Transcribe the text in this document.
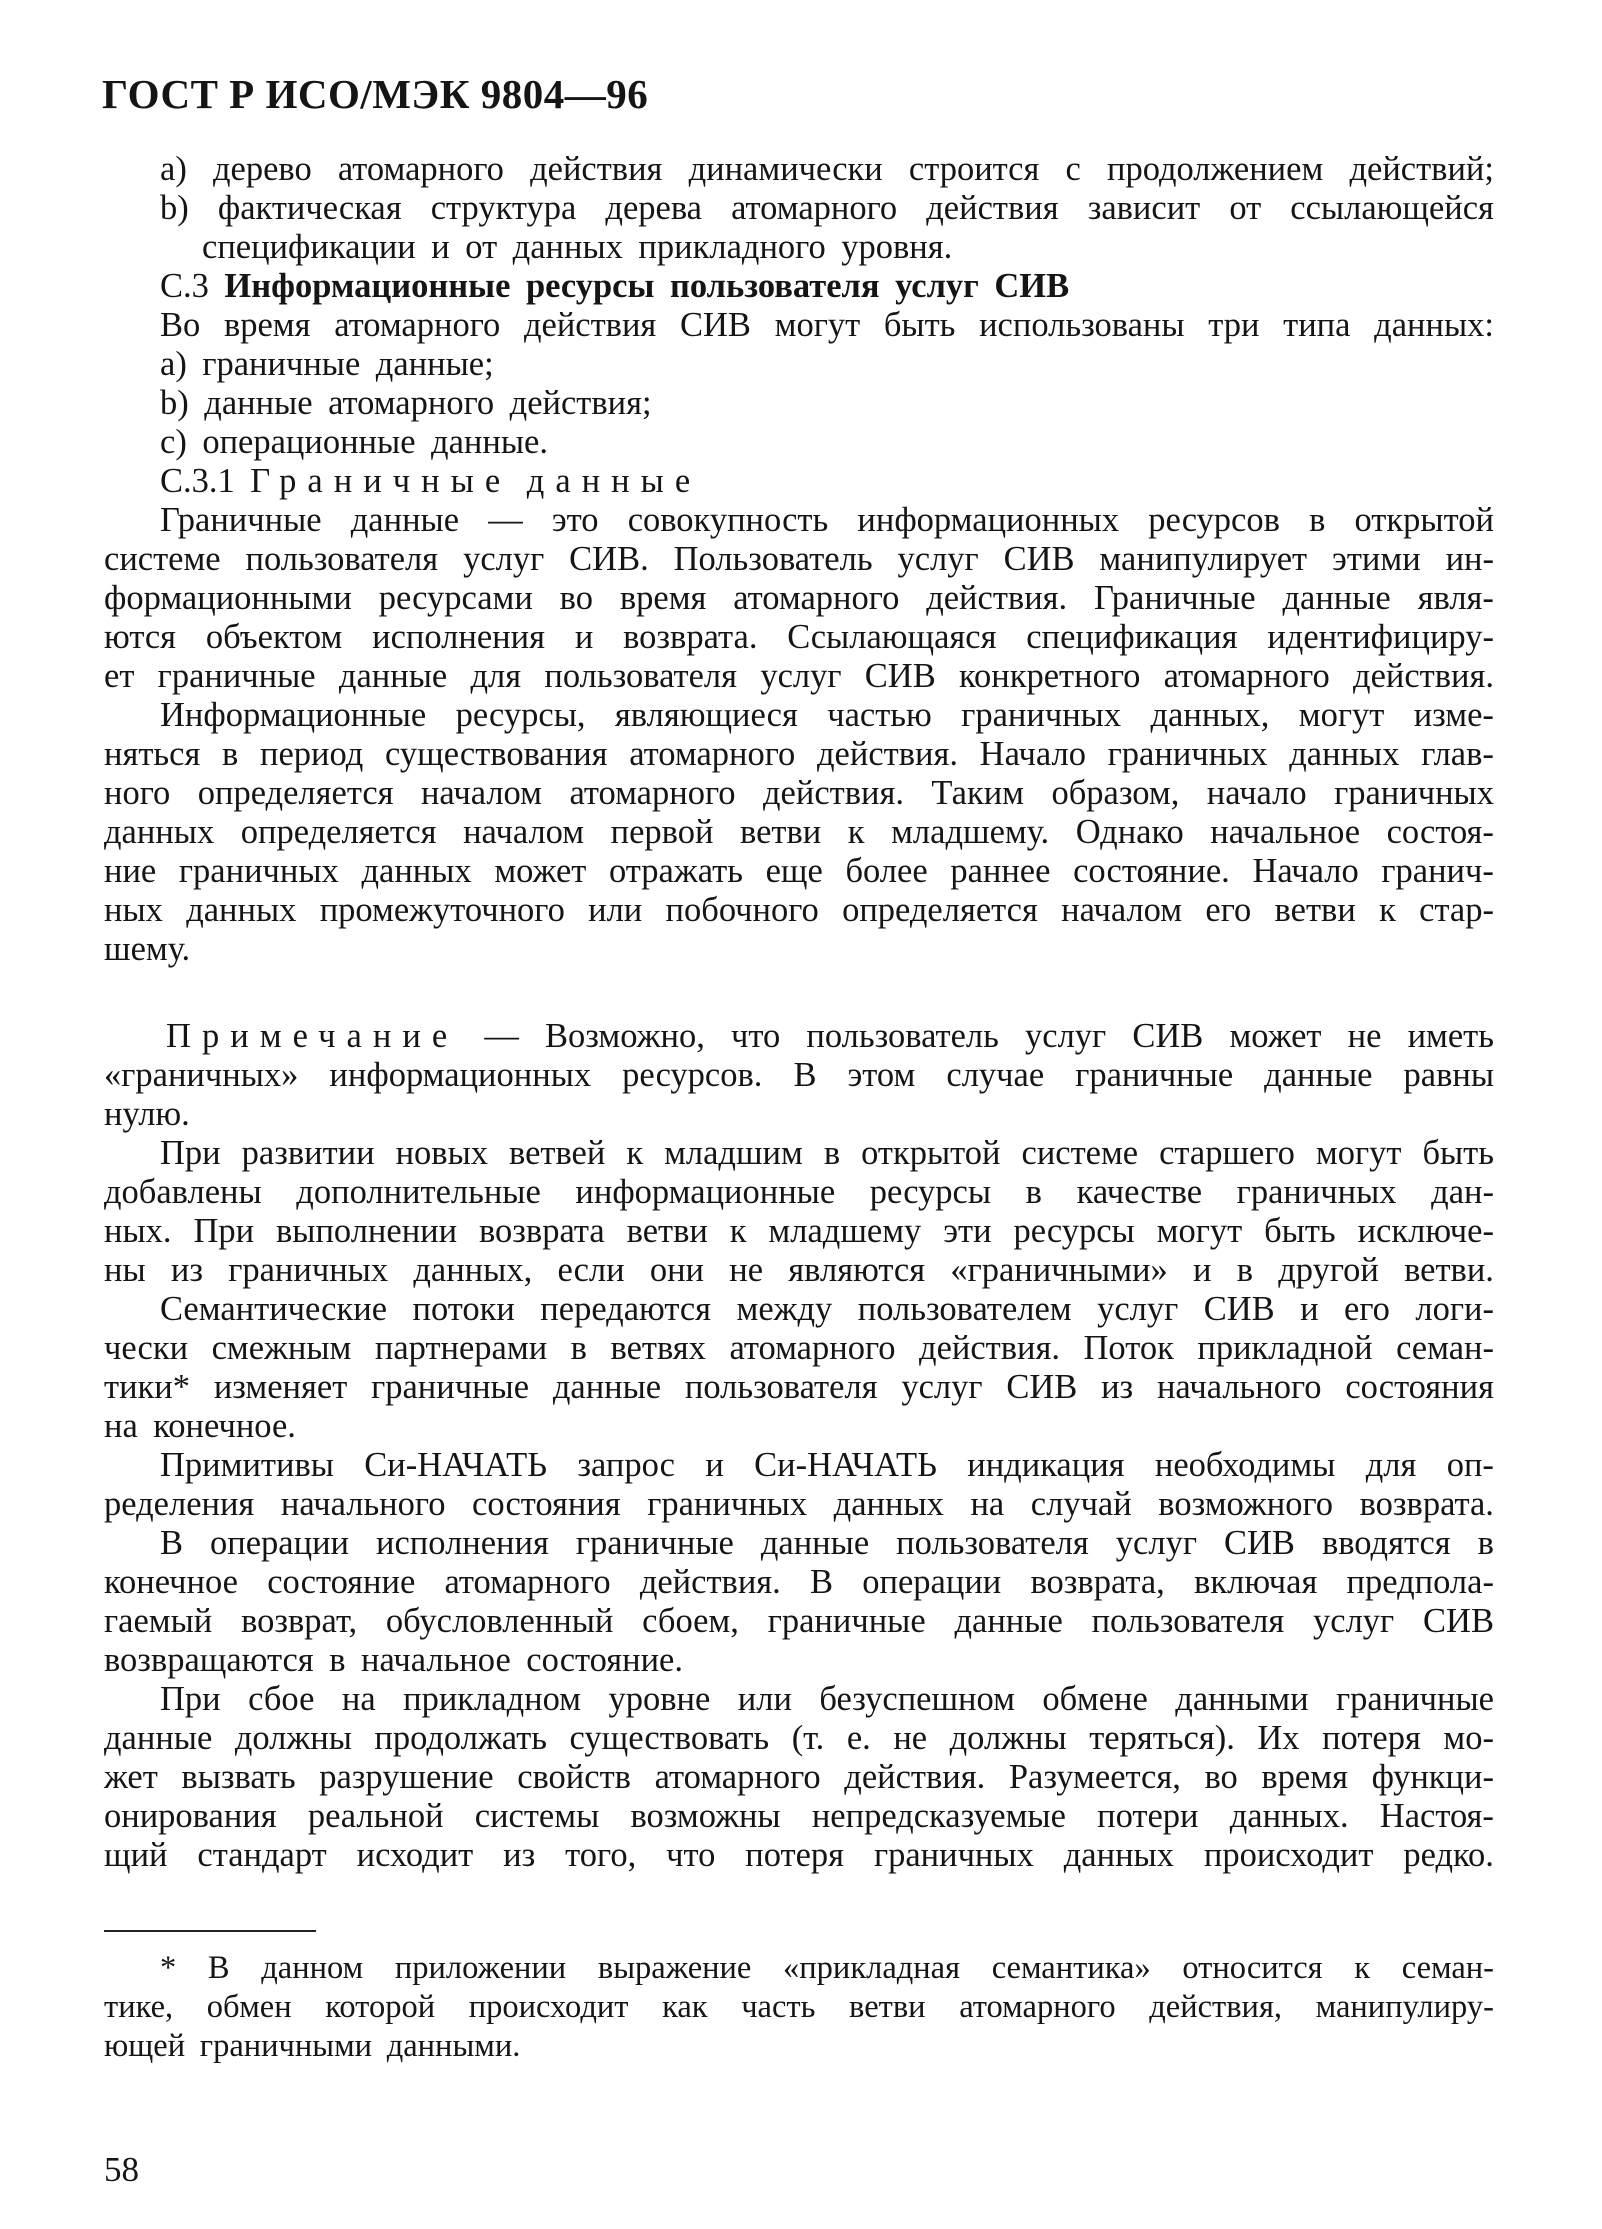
ГОСТ Р ИСО/МЭК 9804—96
а) дерево атомарного действия динамически строится с продолжением действий;
b) фактическая структура дерева атомарного действия зависит от ссылающейся
спецификации и от данных прикладного уровня.
С.3 Информационные ресурсы пользователя услуг СИВ
Во время атомарного действия СИВ могут быть использованы три типа данных:
а) граничные данные;
b) данные атомарного действия;
c) операционные данные.
С.3.1 Граничные данные
Граничные данные — это совокупность информационных ресурсов в открытой
системе пользователя услуг СИВ. Пользователь услуг СИВ манипулирует этими ин-
формационными ресурсами во время атомарного действия. Граничные данные явля-
ются объектом исполнения и возврата. Ссылающаяся спецификация идентифициру-
ет граничные данные для пользователя услуг СИВ конкретного атомарного действия.
Информационные ресурсы, являющиеся частью граничных данных, могут изме-
няться в период существования атомарного действия. Начало граничных данных глав-
ного определяется началом атомарного действия. Таким образом, начало граничных
данных определяется началом первой ветви к младшему. Однако начальное состоя-
ние граничных данных может отражать еще более раннее состояние. Начало гранич-
ных данных промежуточного или побочного определяется началом его ветви к стар-
шему.
Примечание — Возможно, что пользователь услуг СИВ может не иметь
«граничных» информационных ресурсов. В этом случае граничные данные равны
нулю.
При развитии новых ветвей к младшим в открытой системе старшего могут быть
добавлены дополнительные информационные ресурсы в качестве граничных дан-
ных. При выполнении возврата ветви к младшему эти ресурсы могут быть исключе-
ны из граничных данных, если они не являются «граничными» и в другой ветви.
Семантические потоки передаются между пользователем услуг СИВ и его логи-
чески смежным партнерами в ветвях атомарного действия. Поток прикладной семан-
тики* изменяет граничные данные пользователя услуг СИВ из начального состояния
на конечное.
Примитивы Си-НАЧАТЬ запрос и Си-НАЧАТЬ индикация необходимы для оп-
ределения начального состояния граничных данных на случай возможного возврата.
В операции исполнения граничные данные пользователя услуг СИВ вводятся в
конечное состояние атомарного действия. В операции возврата, включая предпола-
гаемый возврат, обусловленный сбоем, граничные данные пользователя услуг СИВ
возвращаются в начальное состояние.
При сбое на прикладном уровне или безуспешном обмене данными граничные
данные должны продолжать существовать (т. е. не должны теряться). Их потеря мо-
жет вызвать разрушение свойств атомарного действия. Разумеется, во время функци-
онирования реальной системы возможны непредсказуемые потери данных. Настоя-
щий стандарт исходит из того, что потеря граничных данных происходит редко.
* В данном приложении выражение «прикладная семантика» относится к семан-
тике, обмен которой происходит как часть ветви атомарного действия, манипулиру-
ющей граничными данными.
58
